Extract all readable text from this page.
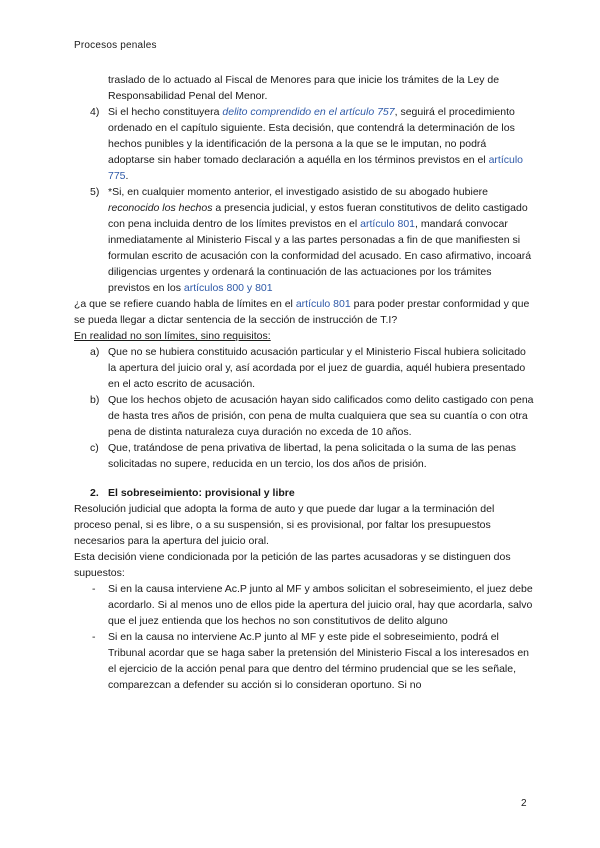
Procesos penales

traslado de lo actuado al Fiscal de Menores para que inicie los trámites de la Ley de Responsabilidad Penal del Menor.

4) Si el hecho constituyera delito comprendido en el artículo 757, seguirá el procedimiento ordenado en el capítulo siguiente. Esta decisión, que contendrá la determinación de los hechos punibles y la identificación de la persona a la que se le imputan, no podrá adoptarse sin haber tomado declaración a aquélla en los términos previstos en el artículo 775.
5) *Si, en cualquier momento anterior, el investigado asistido de su abogado hubiere reconocido los hechos a presencia judicial, y estos fueran constitutivos de delito castigado con pena incluida dentro de los límites previstos en el artículo 801, mandará convocar inmediatamente al Ministerio Fiscal y a las partes personadas a fin de que manifiesten si formulan escrito de acusación con la conformidad del acusado. En caso afirmativo, incoará diligencias urgentes y ordenará la continuación de las actuaciones por los trámites previstos en los artículos 800 y 801

¿a que se refiere cuando habla de límites en el artículo 801 para poder prestar conformidad y que se pueda llegar a dictar sentencia de la sección de instrucción de T.I?

En realidad no son límites, sino requisitos:

a) Que no se hubiera constituido acusación particular y el Ministerio Fiscal hubiera solicitado la apertura del juicio oral y, así acordada por el juez de guardia, aquél hubiera presentado en el acto escrito de acusación.
b) Que los hechos objeto de acusación hayan sido calificados como delito castigado con pena de hasta tres años de prisión, con pena de multa cualquiera que sea su cuantía o con otra pena de distinta naturaleza cuya duración no exceda de 10 años.
c) Que, tratándose de pena privativa de libertad, la pena solicitada o la suma de las penas solicitadas no supere, reducida en un tercio, los dos años de prisión.
2. El sobreseimiento: provisional y libre

Resolución judicial que adopta la forma de auto y que puede dar lugar a la terminación del proceso penal, si es libre, o a su suspensión, si es provisional, por faltar los presupuestos necesarios para la apertura del juicio oral.

Esta decisión viene condicionada por la petición de las partes acusadoras y se distinguen dos supuestos:

- Si en la causa interviene Ac.P junto al MF y ambos solicitan el sobreseimiento, el juez debe acordarlo. Si al menos uno de ellos pide la apertura del juicio oral, hay que acordarla, salvo que el juez entienda que los hechos no son constitutivos de delito alguno
- Si en la causa no interviene Ac.P junto al MF y este pide el sobreseimiento, podrá el Tribunal acordar que se haga saber la pretensión del Ministerio Fiscal a los interesados en el ejercicio de la acción penal para que dentro del término prudencial que se les señale, comparezcan a defender su acción si lo consideran oportuno. Si no
2
